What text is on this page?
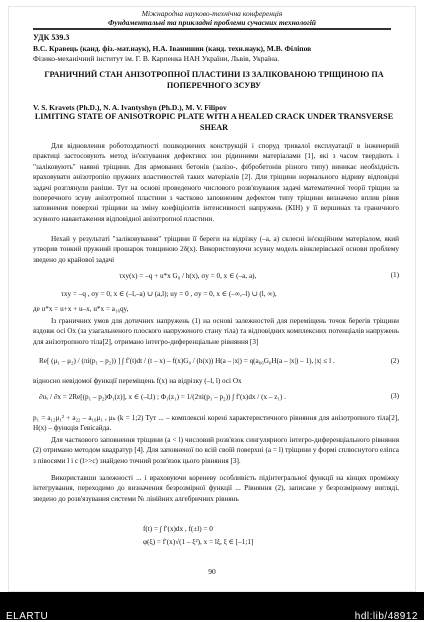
Міжнародна науково-технічна конференція
Фундаментальні та прикладні проблеми сучасних технологій
УДК 539.3
В.С. Кравець (канд. фіз.-мат.наук), Н.А. Іванишин (канд. техн.наук), М.В. Філіпов
Фізико-механічний інститут ім. Г. В. Карпенка НАН України, Львів, Україна.
ГРАНИЧНИЙ СТАН АНІЗОТРОПНОЇ ПЛАСТИНИ ІЗ ЗАЛІКОВАНОЮ ТРІЩИНОЮ ПА ПОПЕРЕЧНОГО ЗСУВУ
V. S. Kravets (Ph.D.), N. A. Ivantyshyn (Ph.D.), M. V. Filipov
LIMITING STATE OF ANISOTROPIC PLATE WITH A HEALED CRACK UNDER TRANSVERSE SHEAR
Для відновлення роботоздатності пошкоджених конструкцій і споруд тривалої експлуатації в інженерній практиці застосовують метод ін'єктування дефектних зон рідинними матеріалами [1], які з часом твердіють і "заліковують" наявні тріщини. Для армованих бетонів (залізо-, фібробетонів різного типу) виникає необхідність враховувати анізотропію пружних властивостей таких матеріалів [2]. Для тріщини нормального відриву відповідні задачі розглянули раніше. Тут на основі проведеного числового розв'язування задачі математичної теорії тріщин за поперечного зсуву анізотропної пластини з частково заповненим дефектом типу тріщини визначено вплив рівня заповнення поверхні тріщини на зміну коефіцієнтів інтенсивності напружень (КІН) у її вершинах та граничного зсувного навантаження відповідної анізотропної пластини.
Нехай у результаті "заліковування" тріщини її береги на відрізку (–a, a) склеєні ін'єкційним матеріалом, який утворив тонкий пружний прошарок товщиною 2δ(x). Використовуючи зсувну модель вінклерівської основи проблему зведено до крайової задачі
τxy(x) = –q + u*x G₀ / h(x), σy = 0, x ∈ (–a, a),	(1)
τxy = –q , σy = 0, x ∈ (–l,–a) ∪ (a,l); uy = 0 , σy = 0, x ∈ (–∞,–l) ∪ (l, ∞),
де u*x = u+x + u–x, u*x = a₁₆qy,
Із граничних умов для дотичних напружень (1) на основі залежностей для переміщень точок берегів тріщини вздовж осі Ox (за узагальненого плоского напруженого стану тіла) та відповідних комплексних потенціалів напружень для анізотропного тіла[2], отримано інтегро-диференціальне рівняння [3]
Re[ (μ₁ – μ₂) / (πi(p₁ – p₂)) ] ∫ f′(t)dt / (t – x) – f(x)G₀ / (h(x)) H(a – |x|) = q(a₆₆G₀H(a – |x|) – 1), |x| ≤ l .	(2)
відносно невідомої функції переміщень f(x) на відрізку (–l, l) осі Ox
∂uₓ / ∂x = 2Re[(p₁ – p₂)Φ₁(z)], x ∈ (–l,l) ; Φ₁(z₁) = 1/(2πi(p₁ – p₂)) ∫ f′(x)dx / (x – z₁) .	(3)
p₁ = a₁₂μ₁² + a₂₂ – a₁₆μ₁ , μₖ (k = 1;2) Тут ... – комплексні корені характеристичного рівняння для анізотропного тіла[2], H(x) – функція Гевісайда.
Для часткового заповнення тріщини (a < l) числовий розв'язок сингулярного інтегро-диференціального рівняння (2) отримано методом квадратур [4]. Для заповненої по всій своїй поверхні (a = l) тріщини у формі сплюснутого еліпса з півосями l і c (l>>c) знайдено точний розв'язок цього рівняння [3].
Використавши залежності ... і враховуючи кореневу особливість підінтегральної функції на кінцях проміжку інтегрування, переходимо до визначення безрозмірної функції ... Рівняння (2), записане у безрозмірному вигляді, зведено до розв'язування системи Nₗ лінійних алгебричних рівнянь
f(t) = ∫ f′(x)dx , f(±l) = 0
φ(ξ) = f′(x)√(1 – ξ²), x = lξ, ξ ∈ [–1;1]
90
ELARTU	hdl:lib/48912
